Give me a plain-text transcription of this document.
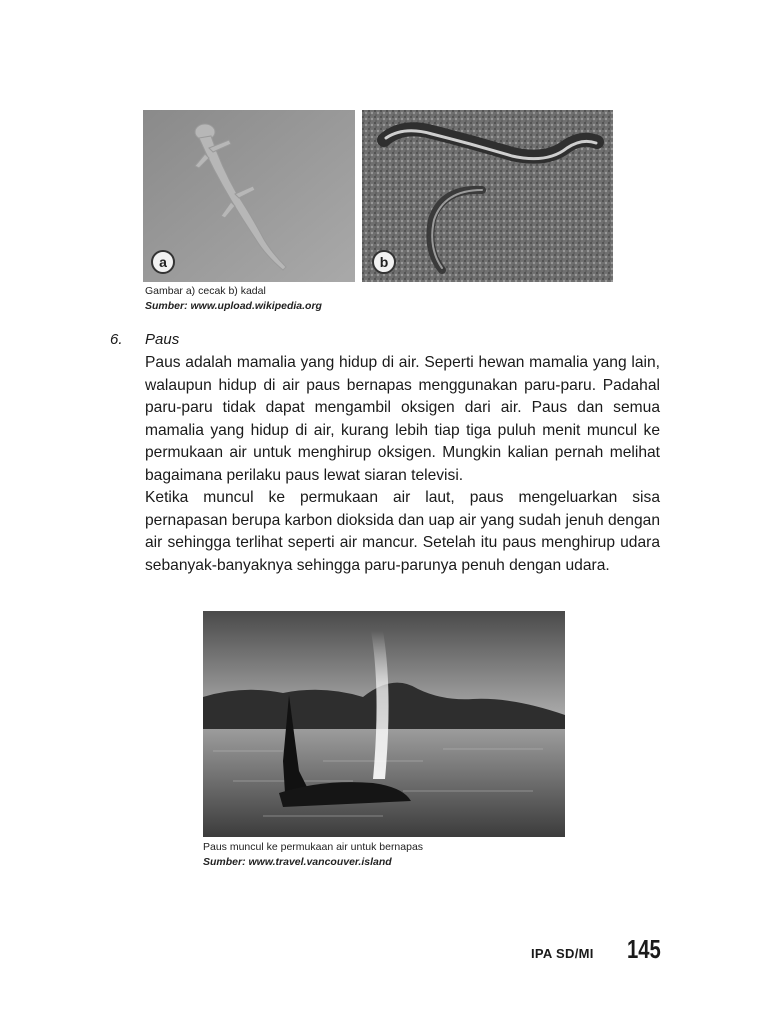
a	b
Gambar a) cecak b) kadal
Sumber: www.upload.wikipedia.org
6. Paus

Paus adalah mamalia yang hidup di air. Seperti hewan mamalia yang lain, walaupun hidup di air paus bernapas menggunakan paru-paru. Padahal paru-paru tidak dapat mengambil oksigen dari air. Paus dan semua mamalia yang hidup di air, kurang lebih tiap tiga puluh menit muncul ke permukaan air untuk menghirup oksigen. Mungkin kalian pernah melihat bagaimana perilaku paus lewat siaran televisi.

Ketika muncul ke permukaan air laut, paus mengeluarkan sisa pernapasan berupa karbon dioksida dan uap air yang sudah jenuh dengan air sehingga terlihat seperti air mancur. Setelah itu paus menghirup udara sebanyak-banyaknya sehingga paru-parunya penuh dengan udara.

Paus muncul ke permukaan air untuk bernapas
Sumber: www.travel.vancouver.island
IPA SD/MI 145
